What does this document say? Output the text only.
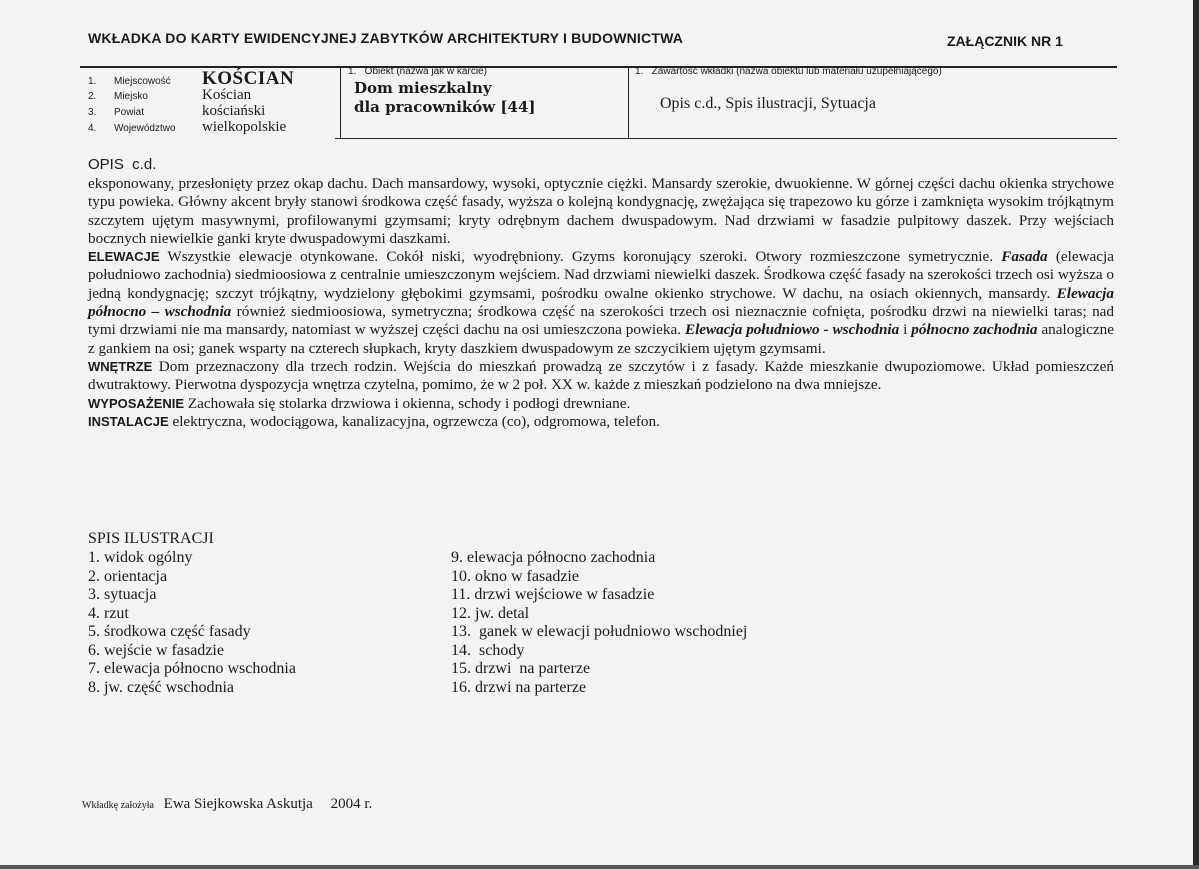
WKŁADKA DO KARTY EWIDENCYJNEJ ZABYTKÓW ARCHITEKTURY I BUDOWNICTWA	ZAŁĄCZNIK NR 1
1.	Miejscowość	KOŚCIAN
2.	Miejsko	Kościan
3.	Powiat	kościański
4.	Województwo	wielkopolskie
1.   Obiekt (nazwa jak w karcie)
Dom mieszkalny
dla pracowników [44]
1.   Zawartość wkładki (nazwa obiektu lub materiału uzupełniającego)
Opis c.d., Spis ilustracji, Sytuacja
OPIS  c.d.

eksponowany, przesłonięty przez okap dachu. Dach mansardowy, wysoki, optycznie ciężki. Mansardy szerokie, dwuokienne. W górnej części dachu okienka strychowe typu powieka. Główny akcent bryły stanowi środkowa część fasady, wyższa o kolejną kondygnację, zwężająca się trapezowo ku górze i zamknięta wysokim trójkątnym szczytem ujętym masywnymi, profilowanymi gzymsami; kryty odrębnym dachem dwuspadowym. Nad drzwiami w fasadzie pulpitowy daszek. Przy wejściach bocznych niewielkie ganki kryte dwuspadowymi daszkami.

ELEWACJE Wszystkie elewacje otynkowane. Cokół niski, wyodrębniony. Gzyms koronujący szeroki. Otwory rozmieszczone symetrycznie. Fasada (elewacja południowo zachodnia) siedmioosiowa z centralnie umieszczonym wejściem. Nad drzwiami niewielki daszek. Środkowa część fasady na szerokości trzech osi wyższa o jedną kondygnację; szczyt trójkątny, wydzielony głębokimi gzymsami, pośrodku owalne okienko strychowe. W dachu, na osiach okiennych, mansardy. Elewacja północno – wschodnia również siedmioosiowa, symetryczna; środkowa część na szerokości trzech osi nieznacznie cofnięta, pośrodku drzwi na niewielki taras; nad tymi drzwiami nie ma mansardy, natomiast w wyższej części dachu na osi umieszczona powieka. Elewacja południowo - wschodnia i północno zachodnia analogiczne z gankiem na osi; ganek wsparty na czterech słupkach, kryty daszkiem dwuspadowym ze szczycikiem ujętym gzymsami.

WNĘTRZE Dom przeznaczony dla trzech rodzin. Wejścia do mieszkań prowadzą ze szczytów i z fasady. Każde mieszkanie dwupoziomowe. Układ pomieszczeń dwutraktowy. Pierwotna dyspozycja wnętrza czytelna, pomimo, że w 2 poł. XX w. każde z mieszkań podzielono na dwa mniejsze.

WYPOSAŻENIE Zachowała się stolarka drzwiowa i okienna, schody i podłogi drewniane.

INSTALACJE elektryczna, wodociągowa, kanalizacyjna, ogrzewcza (co), odgromowa, telefon.

SPIS ILUSTRACJI
1. widok ogólny
2. orientacja
3. sytuacja
4. rzut
5. środkowa część fasady
6. wejście w fasadzie
7. elewacja północno wschodnia
8. jw. część wschodnia
9. elewacja północno zachodnia
10. okno w fasadzie
11. drzwi wejściowe w fasadzie
12. jw. detal
13.  ganek w elewacji południowo wschodniej
14.  schody
15. drzwi  na parterze
16. drzwi na parterze
Wkładkę założyła Ewa Siejkowska Askutja 2004 r.
